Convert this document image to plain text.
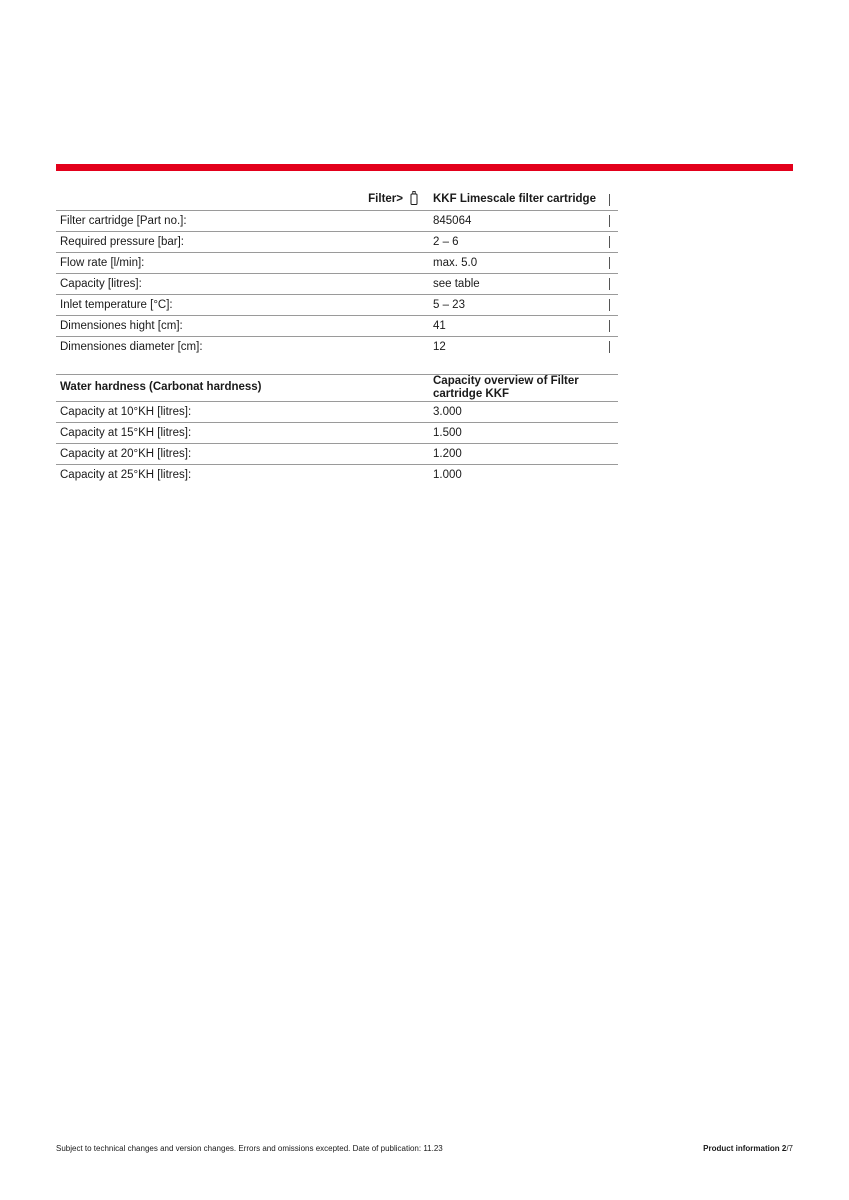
Filter>	KKF Limescale filter cartridge
Filter cartridge [Part no.]:	845064
Required pressure [bar]:	2 – 6
Flow rate [l/min]:	max. 5.0
Capacity [litres]:	see table
Inlet temperature [°C]:	5 – 23
Dimensiones hight [cm]:	41
Dimensiones diameter [cm]:	12
Water hardness (Carbonat hardness)	Capacity overview of Filter cartridge KKF
Capacity at 10°KH [litres]:	3.000
Capacity at 15°KH [litres]:	1.500
Capacity at 20°KH [litres]:	1.200
Capacity at 25°KH [litres]:	1.000
Subject to technical changes and version changes. Errors and omissions excepted. Date of publication: 11.23	Product information 2/7
